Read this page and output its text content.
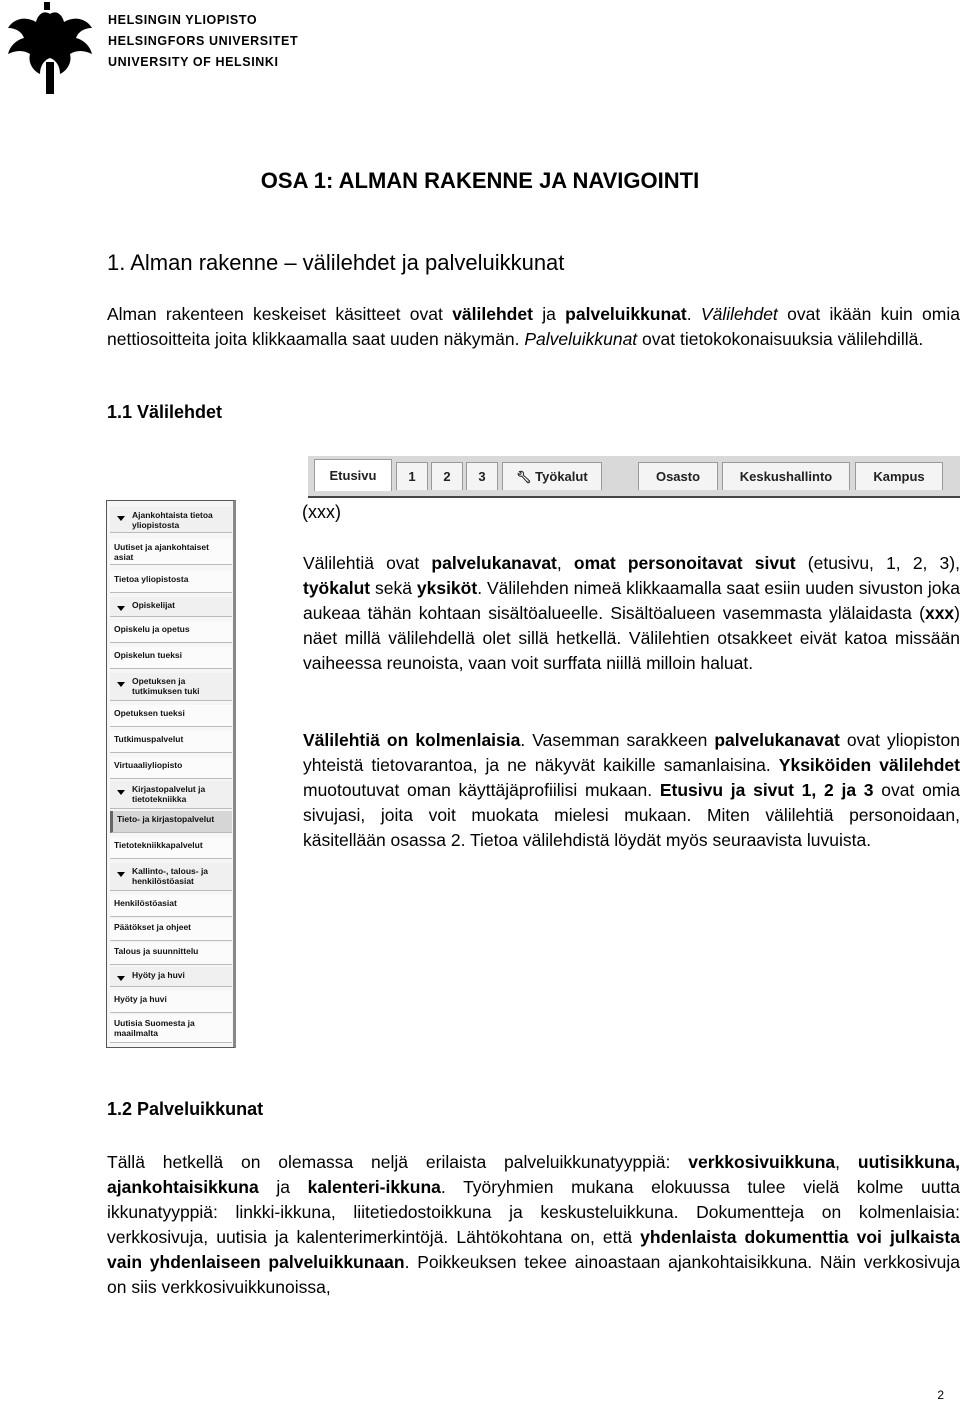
HELSINGIN YLIOPISTO
HELSINGFORS UNIVERSITET
UNIVERSITY OF HELSINKI
OSA 1: ALMAN RAKENNE JA NAVIGOINTI
1. Alman rakenne – välilehdet ja palveluikkunat
Alman rakenteen keskeiset käsitteet ovat välilehdet ja palveluikkunat. Välilehdet ovat ikään kuin omia nettiosoitteita joita klikkaamalla saat uuden näkymän. Palveluikkunat ovat tietokokonaisuuksia välilehdillä.
1.1 Välilehdet
Etusivu	1	2	3	🔧︎ Työkalut	Osasto	Keskushallinto	Kampus
Ajankohtaista tietoa yliopistosta
Uutiset ja ajankohtaiset asiat
Tietoa yliopistosta
Opiskelijat
Opiskelu ja opetus
Opiskelun tueksi
Opetuksen ja tutkimuksen tuki
Opetuksen tueksi
Tutkimuspalvelut
Virtuaaliyliopisto
Kirjastopalvelut ja tietotekniikka
Tieto- ja kirjastopalvelut
Tietotekniikkapalvelut
Kallinto-, talous- ja henkilöstöasiat
Henkilöstöasiat
Päätökset ja ohjeet
Talous ja suunnittelu
Hyöty ja huvi
Hyöty ja huvi
Uutisia Suomesta ja maailmalta
(xxx)
Välilehtiä ovat palvelukanavat, omat personoitavat sivut (etusivu, 1, 2, 3), työkalut sekä yksiköt. Välilehden nimeä klikkaamalla saat esiin uuden sivuston joka aukeaa tähän kohtaan sisältöalueelle. Sisältöalueen vasemmasta ylälaidasta (xxx) näet millä välilehdellä olet sillä hetkellä. Välilehtien otsakkeet eivät katoa missään vaiheessa reunoista, vaan voit surffata niillä milloin haluat.
Välilehtiä on kolmenlaisia. Vasemman sarakkeen palvelukanavat ovat yliopiston yhteistä tietovarantoa, ja ne näkyvät kaikille samanlaisina. Yksiköiden välilehdet muotoutuvat oman käyttäjäprofiilisi mukaan. Etusivu ja sivut 1, 2 ja 3 ovat omia sivujasi, joita voit muokata mielesi mukaan. Miten välilehtiä personoidaan, käsitellään osassa 2. Tietoa välilehdistä löydät myös seuraavista luvuista.
1.2 Palveluikkunat
Tällä hetkellä on olemassa neljä erilaista palveluikkunatyyppiä: verkkosivuikkuna, uutisikkuna, ajankohtaisikkuna ja kalenteri-ikkuna. Työryhmien mukana elokuussa tulee vielä kolme uutta ikkunatyyppiä: linkki-ikkuna, liitetiedostoikkuna ja keskusteluikkuna. Dokumentteja on kolmenlaisia: verkkosivuja, uutisia ja kalenterimerkintöjä. Lähtökohtana on, että yhdenlaista dokumenttia voi julkaista vain yhdenlaiseen palveluikkunaan. Poikkeuksen tekee ainoastaan ajankohtaisikkuna. Näin verkkosivuja on siis verkkosivuikkunoissa,
2
